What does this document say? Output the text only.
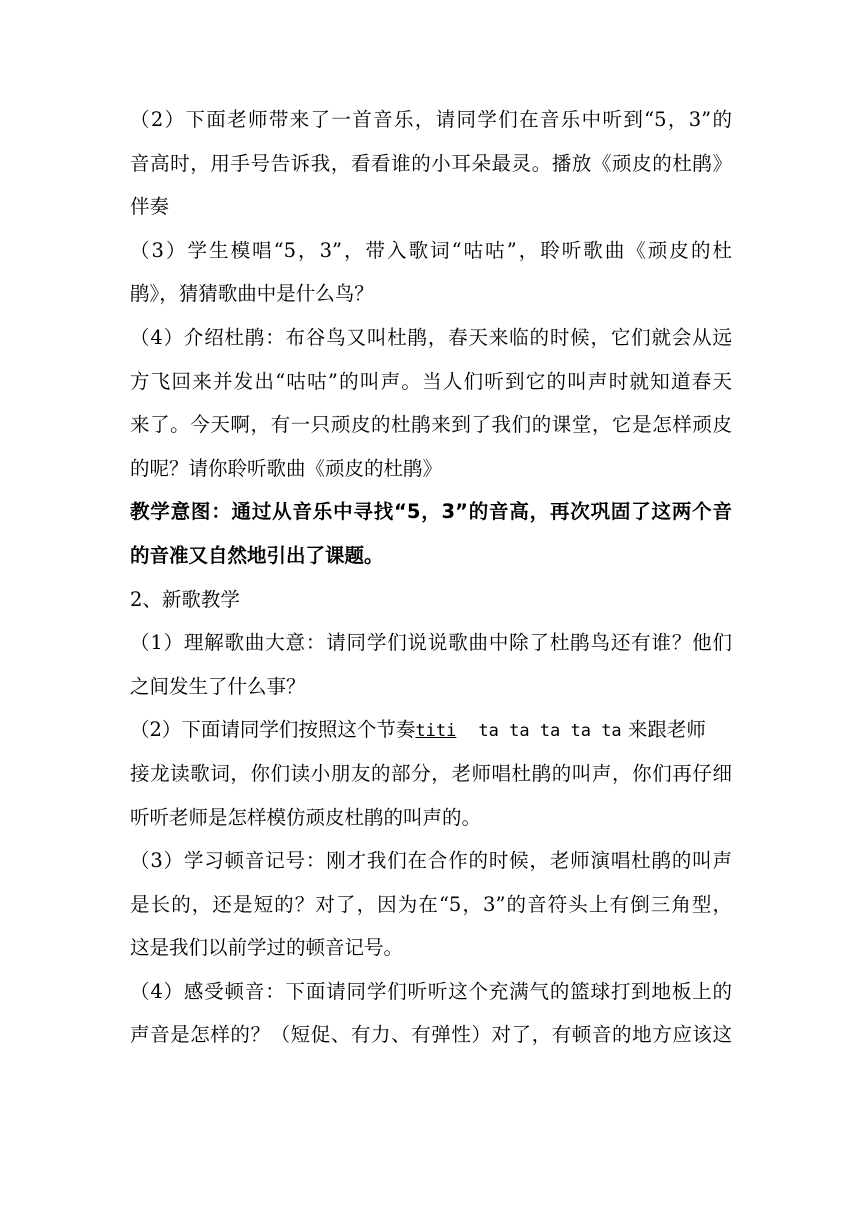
（2）下面老师带来了一首音乐，请同学们在音乐中听到“5，3”的
音高时，用手号告诉我，看看谁的小耳朵最灵。播放《顽皮的杜鹃》
伴奏
（3）学生模唱“5，3”，带入歌词“咕咕”，聆听歌曲《顽皮的杜
鹃》，猜猜歌曲中是什么鸟？
（4）介绍杜鹃：布谷鸟又叫杜鹃，春天来临的时候，它们就会从远
方飞回来并发出“咕咕”的叫声。当人们听到它的叫声时就知道春天
来了。今天啊，有一只顽皮的杜鹃来到了我们的课堂，它是怎样顽皮
的呢？请你聆听歌曲《顽皮的杜鹃》
教学意图：通过从音乐中寻找“5，3”的音高，再次巩固了这两个音
的音准又自然地引出了课题。
2、新歌教学
（1）理解歌曲大意：请同学们说说歌曲中除了杜鹃鸟还有谁？他们
之间发生了什么事？
（2）下面请同学们按照这个节奏titi ta ta ta ta ta 来跟老师
接龙读歌词，你们读小朋友的部分，老师唱杜鹃的叫声，你们再仔细
听听老师是怎样模仿顽皮杜鹃的叫声的。
（3）学习顿音记号：刚才我们在合作的时候，老师演唱杜鹃的叫声
是长的，还是短的？对了，因为在“5，3”的音符头上有倒三角型，
这是我们以前学过的顿音记号。
（4）感受顿音：下面请同学们听听这个充满气的篮球打到地板上的
声音是怎样的？（短促、有力、有弹性）对了，有顿音的地方应该这
